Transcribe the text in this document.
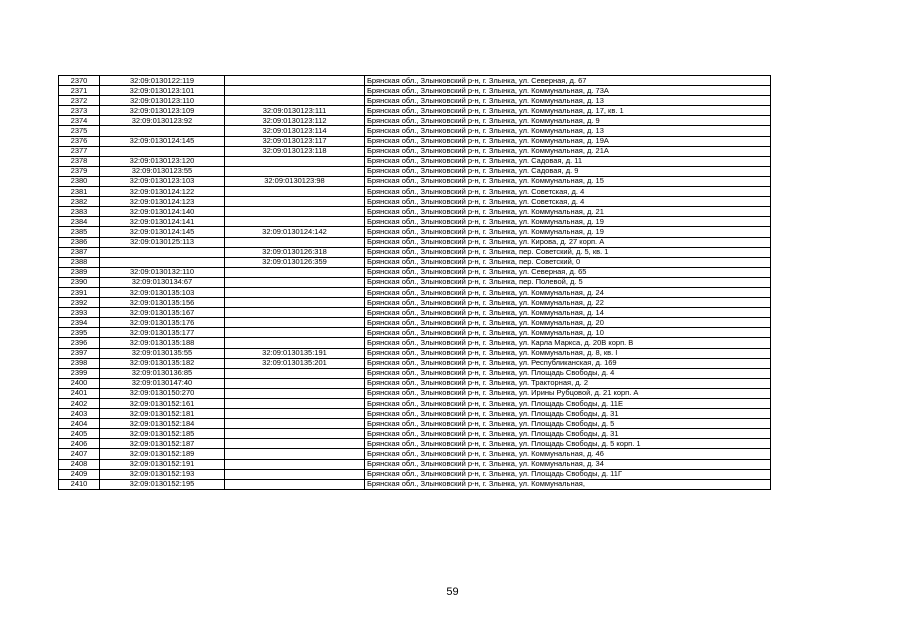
2370	32:09:0130122:119		Брянская обл., Злынковский р-н, г. Злынка, ул. Северная, д. 67
2371	32:09:0130123:101		Брянская обл., Злынковский р-н, г. Злынка, ул. Коммунальная, д. 73А
2372	32:09:0130123:110		Брянская обл., Злынковский р-н, г. Злынка, ул. Коммунальная, д. 13
2373	32:09:0130123:109	32:09:0130123:111	Брянская обл., Злынковский р-н, г. Злынка, ул. Коммунальная, д. 17, кв. 1
2374	32:09:0130123:92	32:09:0130123:112	Брянская обл., Злынковский р-н, г. Злынка, ул. Коммунальная, д. 9
2375		32:09:0130123:114	Брянская обл., Злынковский р-н, г. Злынка, ул. Коммунальная, д. 13
2376	32:09:0130124:145	32:09:0130123:117	Брянская обл., Злынковский р-н, г. Злынка, ул. Коммунальная, д. 19А
2377		32:09:0130123:118	Брянская обл., Злынковский р-н, г. Злынка, ул. Коммунальная, д. 21А
2378	32:09:0130123:120		Брянская обл., Злынковский р-н, г. Злынка, ул. Садовая, д. 11
2379	32:09:0130123:55		Брянская обл., Злынковский р-н, г. Злынка, ул. Садовая, д. 9
2380	32:09:0130123:103	32:09:0130123:98	Брянская обл., Злынковский р-н, г. Злынка, ул. Коммунальная, д. 15
2381	32:09:0130124:122		Брянская обл., Злынковский р-н, г. Злынка, ул. Советская, д. 4
2382	32:09:0130124:123		Брянская обл., Злынковский р-н, г. Злынка, ул. Советская, д. 4
2383	32:09:0130124:140		Брянская обл., Злынковский р-н, г. Злынка, ул. Коммунальная, д. 21
2384	32:09:0130124:141		Брянская обл., Злынковский р-н, г. Злынка, ул. Коммунальная, д. 19
2385	32:09:0130124:145	32:09:0130124:142	Брянская обл., Злынковский р-н, г. Злынка, ул. Коммунальная, д. 19
2386	32:09:0130125:113		Брянская обл., Злынковский р-н, г. Злынка, ул. Кирова, д. 27 корп. А
2387		32:09:0130126:318	Брянская обл., Злынковский р-н, г. Злынка, пер. Советский, д. 5, кв. 1
2388		32:09:0130126:359	Брянская обл., Злынковский р-н, г. Злынка, пер. Советский, 0
2389	32:09:0130132:110		Брянская обл., Злынковский р-н, г. Злынка, ул. Северная, д. 65
2390	32:09:0130134:67		Брянская обл., Злынковский р-н, г. Злынка, пер. Полевой, д. 5
2391	32:09:0130135:103		Брянская обл., Злынковский р-н, г. Злынка, ул. Коммунальная, д. 24
2392	32:09:0130135:156		Брянская обл., Злынковский р-н, г. Злынка, ул. Коммунальная, д. 22
2393	32:09:0130135:167		Брянская обл., Злынковский р-н, г. Злынка, ул. Коммунальная, д. 14
2394	32:09:0130135:176		Брянская обл., Злынковский р-н, г. Злынка, ул. Коммунальная, д. 20
2395	32:09:0130135:177		Брянская обл., Злынковский р-н, г. Злынка, ул. Коммунальная, д. 10
2396	32:09:0130135:188		Брянская обл., Злынковский р-н, г. Злынка, ул. Карла Маркса, д. 20В корп. В
2397	32:09:0130135:55	32:09:0130135:191	Брянская обл., Злынковский р-н, г. Злынка, ул. Коммунальная, д. 8, кв. I
2398	32:09:0130135:182	32:09:0130135:201	Брянская обл., Злынковский р-н, г. Злынка, ул. Республиканская, д. 169
2399	32:09:0130136:85		Брянская обл., Злынковский р-н, г. Злынка, ул. Площадь Свободы, д. 4
2400	32:09:0130147:40		Брянская обл., Злынковский р-н, г. Злынка, ул. Тракторная, д. 2
2401	32:09:0130150:270		Брянская обл., Злынковский р-н, г. Злынка, ул. Ирины Рубцовой, д. 21 корп. А
2402	32:09:0130152:161		Брянская обл., Злынковский р-н, г. Злынка, ул. Площадь Свободы, д. 11Е
2403	32:09:0130152:181		Брянская обл., Злынковский р-н, г. Злынка, ул. Площадь Свободы, д. 31
2404	32:09:0130152:184		Брянская обл., Злынковский р-н, г. Злынка, ул. Площадь Свободы, д. 5
2405	32:09:0130152:185		Брянская обл., Злынковский р-н, г. Злынка, ул. Площадь Свободы, д. 31
2406	32:09:0130152:187		Брянская обл., Злынковский р-н, г. Злынка, ул. Площадь Свободы, д. 5 корп. 1
2407	32:09:0130152:189		Брянская обл., Злынковский р-н, г. Злынка, ул. Коммунальная, д. 46
2408	32:09:0130152:191		Брянская обл., Злынковский р-н, г. Злынка, ул. Коммунальная, д. 34
2409	32:09:0130152:193		Брянская обл., Злынковский р-н, г. Злынка, ул. Площадь Свободы, д. 11Г
2410	32:09:0130152:195		Брянская обл., Злынковский р-н, г. Злынка, ул. Коммунальная,
59
